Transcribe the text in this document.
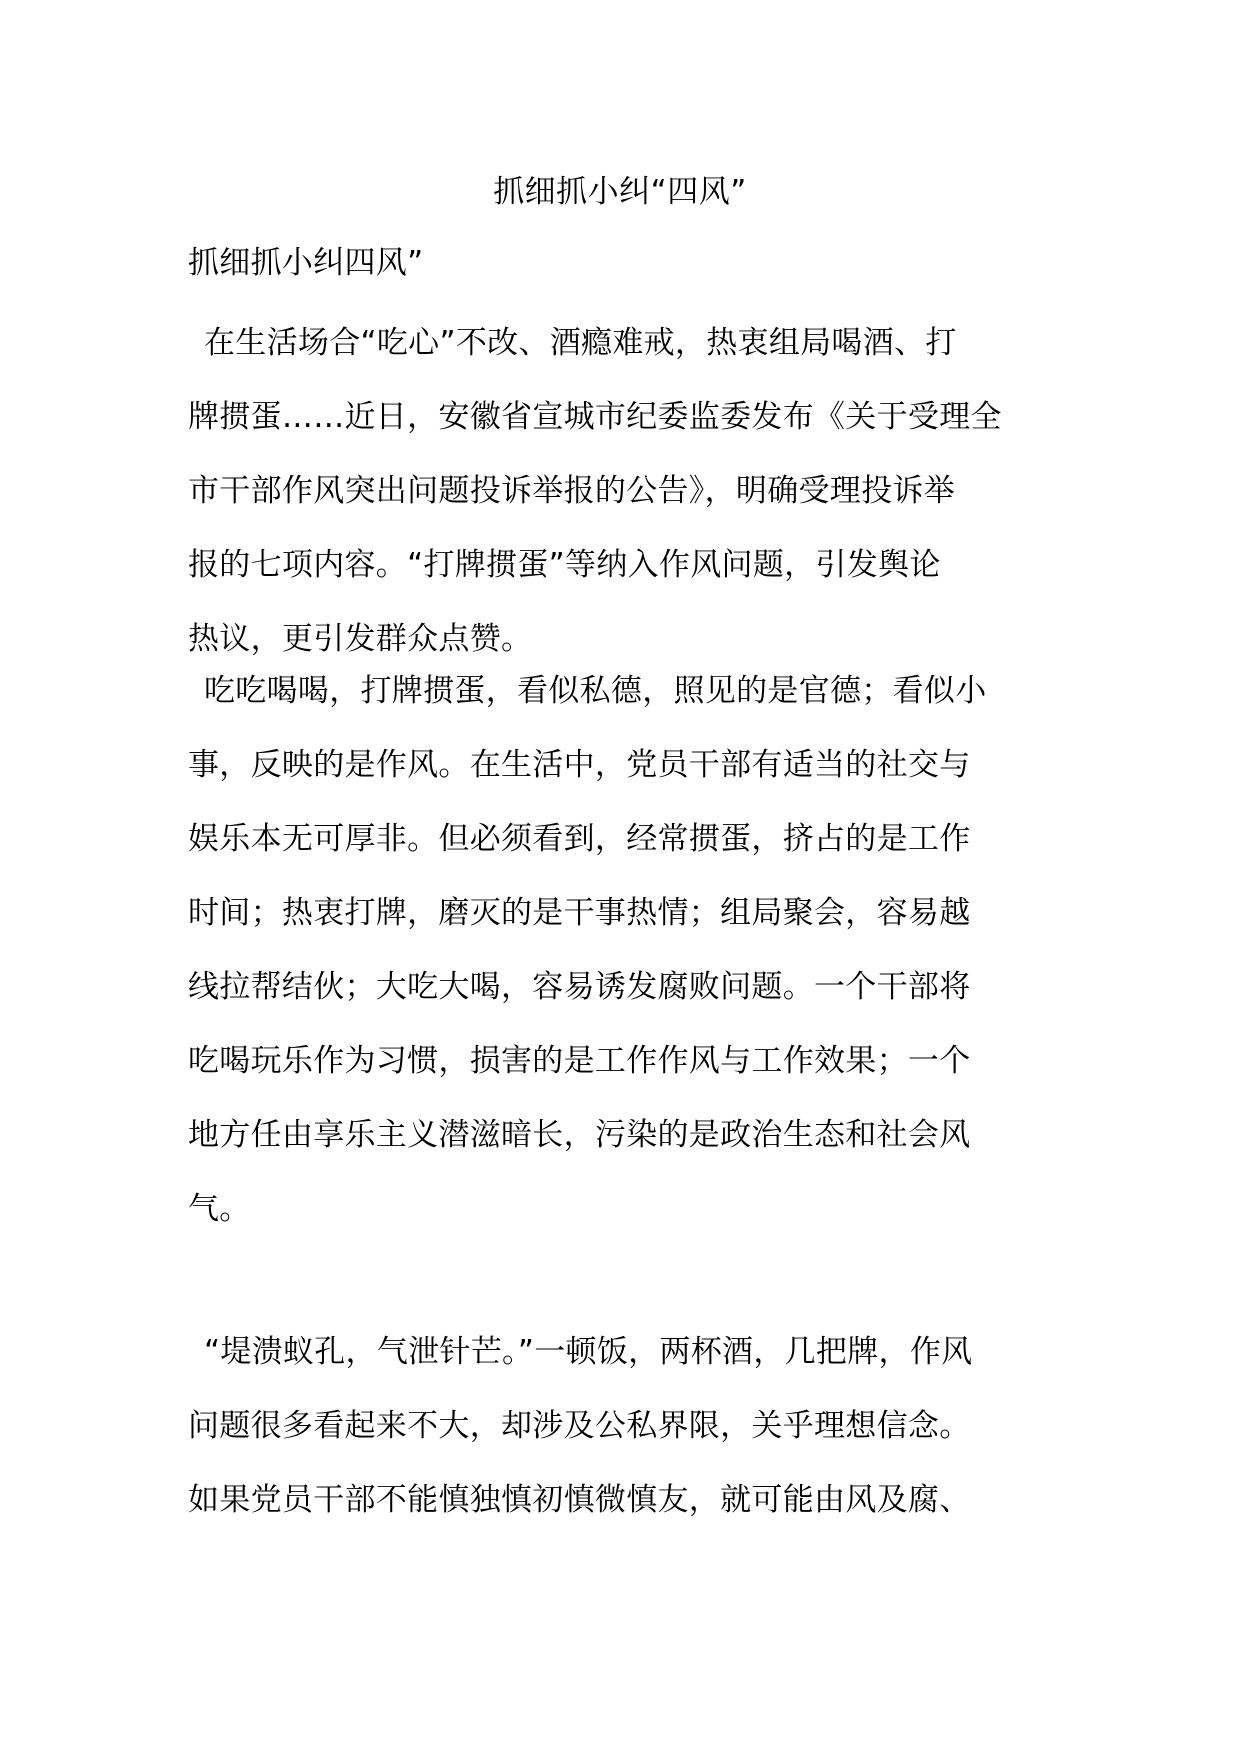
抓细抓小纠“四风”
抓细抓小纠四风”
在生活场合“吃心”不改、酒瘾难戒，热衷组局喝酒、打
牌掼蛋……近日，安徽省宣城市纪委监委发布《关于受理全
市干部作风突出问题投诉举报的公告》，明确受理投诉举
报的七项内容。“打牌掼蛋”等纳入作风问题，引发舆论
热议，更引发群众点赞。
吃吃喝喝，打牌掼蛋，看似私德，照见的是官德；看似小
事，反映的是作风。在生活中，党员干部有适当的社交与
娱乐本无可厚非。但必须看到，经常掼蛋，挤占的是工作
时间；热衷打牌，磨灭的是干事热情；组局聚会，容易越
线拉帮结伙；大吃大喝，容易诱发腐败问题。一个干部将
吃喝玩乐作为习惯，损害的是工作作风与工作效果；一个
地方任由享乐主义潜滋暗长，污染的是政治生态和社会风
气。
“堤溃蚁孔，气泄针芒。”一顿饭，两杯酒，几把牌，作风
问题很多看起来不大，却涉及公私界限，关乎理想信念。
如果党员干部不能慎独慎初慎微慎友，就可能由风及腐、
